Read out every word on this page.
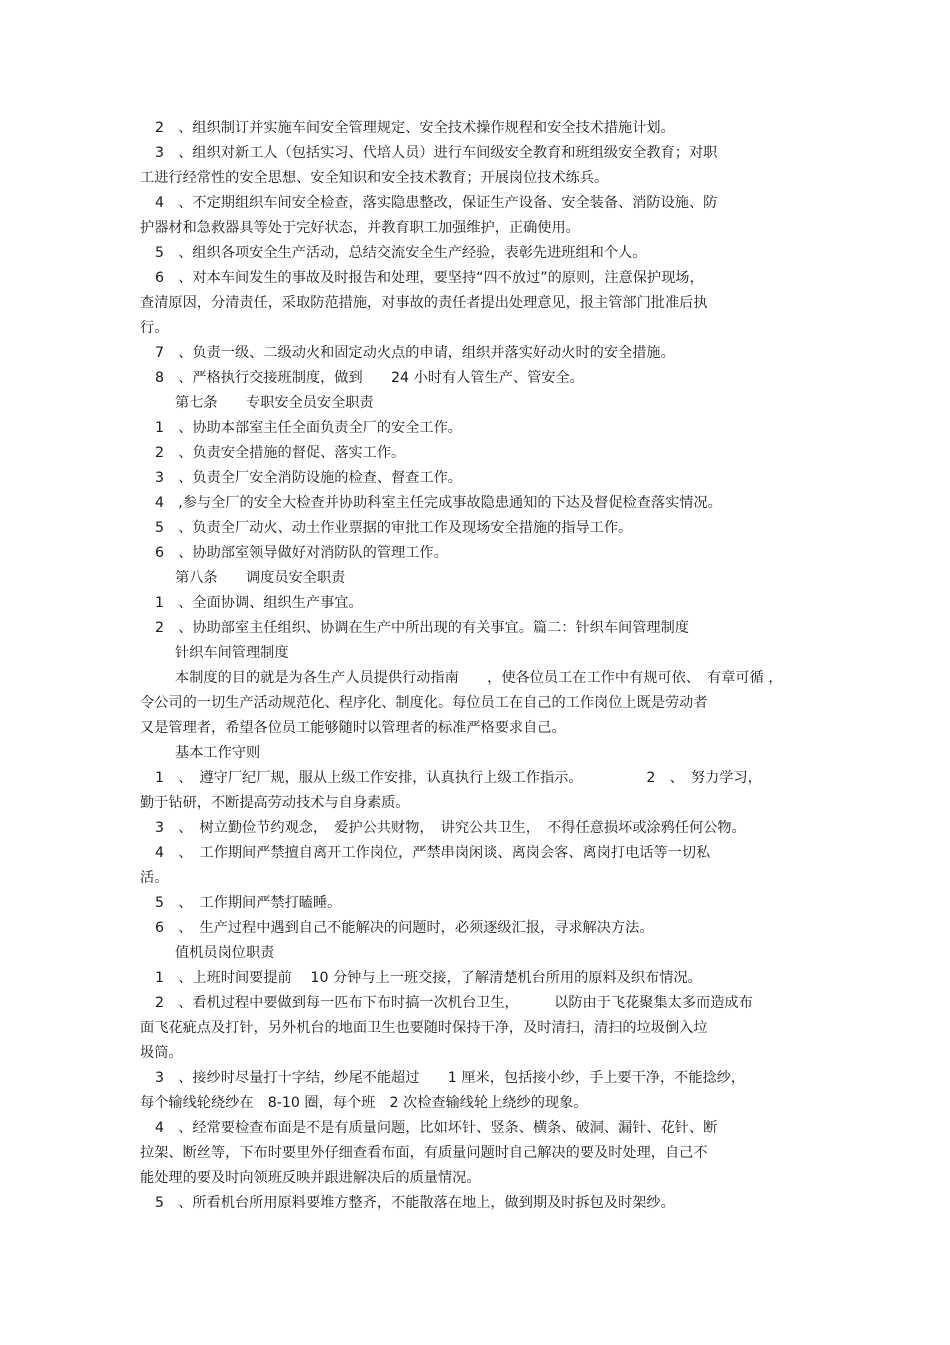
2　、组织制订并实施车间安全管理规定、安全技术操作规程和安全技术措施计划。
3　、组织对新工人（包括实习、代培人员）进行车间级安全教育和班组级安全教育；对职
工进行经常性的安全思想、安全知识和安全技术教育；开展岗位技术练兵。
4　、不定期组织车间安全检查，落实隐患整改，保证生产设备、安全装备、消防设施、防
护器材和急救器具等处于完好状态，并教育职工加强维护，正确使用。
5　、组织各项安全生产活动，总结交流安全生产经验，表彰先进班组和个人。
6　、对本车间发生的事故及时报告和处理，要坚持“四不放过”的原则，注意保护现场，
查清原因，分清责任，采取防范措施，对事故的责任者提出处理意见，报主管部门批准后执
行。
7　、负责一级、二级动火和固定动火点的申请，组织并落实好动火时的安全措施。
8　、严格执行交接班制度，做到　　24 小时有人管生产、管安全。
第七条　　专职安全员安全职责
1　、协助本部室主任全面负责全厂的安全工作。
2　、负责安全措施的督促、落实工作。
3　、负责全厂安全消防设施的检查、督查工作。
4　,参与全厂的安全大检查并协助科室主任完成事故隐患通知的下达及督促检查落实情况。
5　、负责全厂动火、动土作业票据的审批工作及现场安全措施的指导工作。
6　、协助部室领导做好对消防队的管理工作。
第八条　　调度员安全职责
1　、全面协调、组织生产事宜。
2　、协助部室主任组织、协调在生产中所出现的有关事宜。篇二：针织车间管理制度
针织车间管理制度
本制度的目的就是为各生产人员提供行动指南　　，使各位员工在工作中有规可依、　有章可循 ，
令公司的一切生产活动规范化、程序化、制度化。每位员工在自己的工作岗位上既是劳动者
又是管理者，希望各位员工能够随时以管理者的标准严格要求自己。
基本工作守则
1　、　遵守厂纪厂规，服从上级工作安排，认真执行上级工作指示。　　　　　2　、　努力学习，
勤于钻研，不断提高劳动技术与自身素质。
3　、　树立勤俭节约观念，　爱护公共财物，　讲究公共卫生，　不得任意损坏或涂鸦任何公物。
4　、　工作期间严禁擅自离开工作岗位，严禁串岗闲谈、离岗会客、离岗打电话等一切私
活。
5　、　工作期间严禁打瞌睡。
6　、　生产过程中遇到自己不能解决的问题时，必须逐级汇报，寻求解决方法。
值机员岗位职责
1　、上班时间要提前　 10 分钟与上一班交接，了解清楚机台所用的原料及织布情况。
2　、看机过程中要做到每一匹布下布时搞一次机台卫生，　　　以防由于飞花聚集太多而造成布
面飞花疵点及打针，另外机台的地面卫生也要随时保持干净，及时清扫，清扫的垃圾倒入垃
圾筒。
3　、接纱时尽量打十字结，纱尾不能超过　　1 厘米，包括接小纱，手上要干净，不能捻纱，
每个输线轮绕纱在　8-10 圈，每个班　2 次检查输线轮上绕纱的现象。
4　、经常要检查布面是不是有质量问题，比如坏针、竖条、横条、破洞、漏针、花针、断
拉架、断丝等，下布时要里外仔细查看布面，有质量问题时自己解决的要及时处理，自己不
能处理的要及时向领班反映并跟进解决后的质量情况。
5　、所看机台所用原料要堆方整齐，不能散落在地上，做到期及时拆包及时架纱。
